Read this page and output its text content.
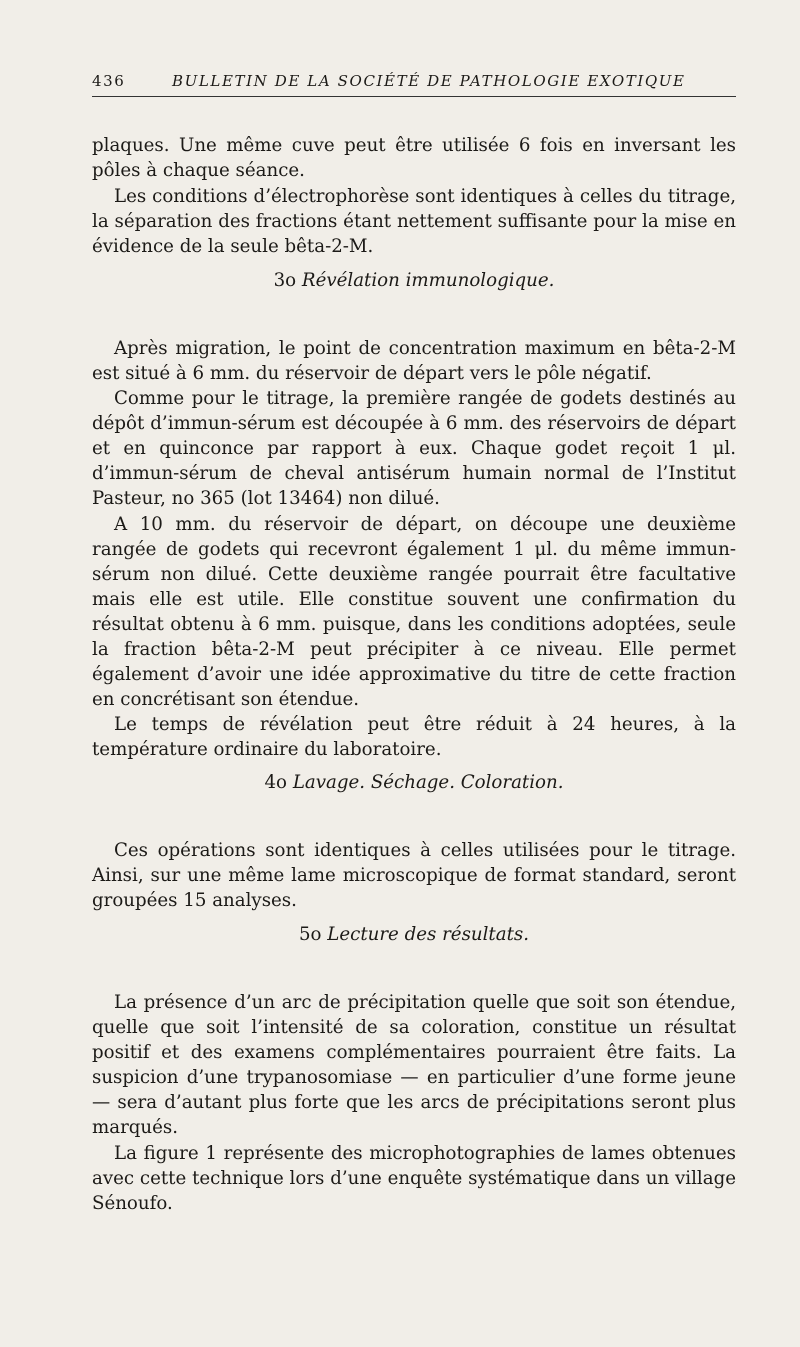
436	BULLETIN DE LA SOCIÉTÉ DE PATHOLOGIE EXOTIQUE

plaques. Une même cuve peut être utilisée 6 fois en inversant les pôles à chaque séance.

Les conditions d’électrophorèse sont identiques à celles du titrage, la séparation des fractions étant nettement suffisante pour la mise en évidence de la seule bêta-2-M.

3o Révélation immunologique.

Après migration, le point de concentration maximum en bêta-2-M est situé à 6 mm. du réservoir de départ vers le pôle négatif.

Comme pour le titrage, la première rangée de godets destinés au dépôt d’immun-sérum est découpée à 6 mm. des réservoirs de départ et en quinconce par rapport à eux. Chaque godet reçoit 1 μl. d’immun-sérum de cheval antisérum humain normal de l’Institut Pasteur, no 365 (lot 13464) non dilué.

A 10 mm. du réservoir de départ, on découpe une deuxième rangée de godets qui recevront également 1 μl. du même immun-sérum non dilué. Cette deuxième rangée pourrait être facultative mais elle est utile. Elle constitue souvent une confirmation du résultat obtenu à 6 mm. puisque, dans les conditions adoptées, seule la fraction bêta-2-M peut précipiter à ce niveau. Elle permet également d’avoir une idée approximative du titre de cette fraction en concrétisant son étendue.

Le temps de révélation peut être réduit à 24 heures, à la température ordinaire du laboratoire.

4o Lavage. Séchage. Coloration.

Ces opérations sont identiques à celles utilisées pour le titrage. Ainsi, sur une même lame microscopique de format standard, seront groupées 15 analyses.

5o Lecture des résultats.

La présence d’un arc de précipitation quelle que soit son étendue, quelle que soit l’intensité de sa coloration, constitue un résultat positif et des examens complémentaires pourraient être faits. La suspicion d’une trypanosomiase — en particulier d’une forme jeune — sera d’autant plus forte que les arcs de précipitations seront plus marqués.

La figure 1 représente des microphotographies de lames obtenues avec cette technique lors d’une enquête systématique dans un village Sénoufo.
